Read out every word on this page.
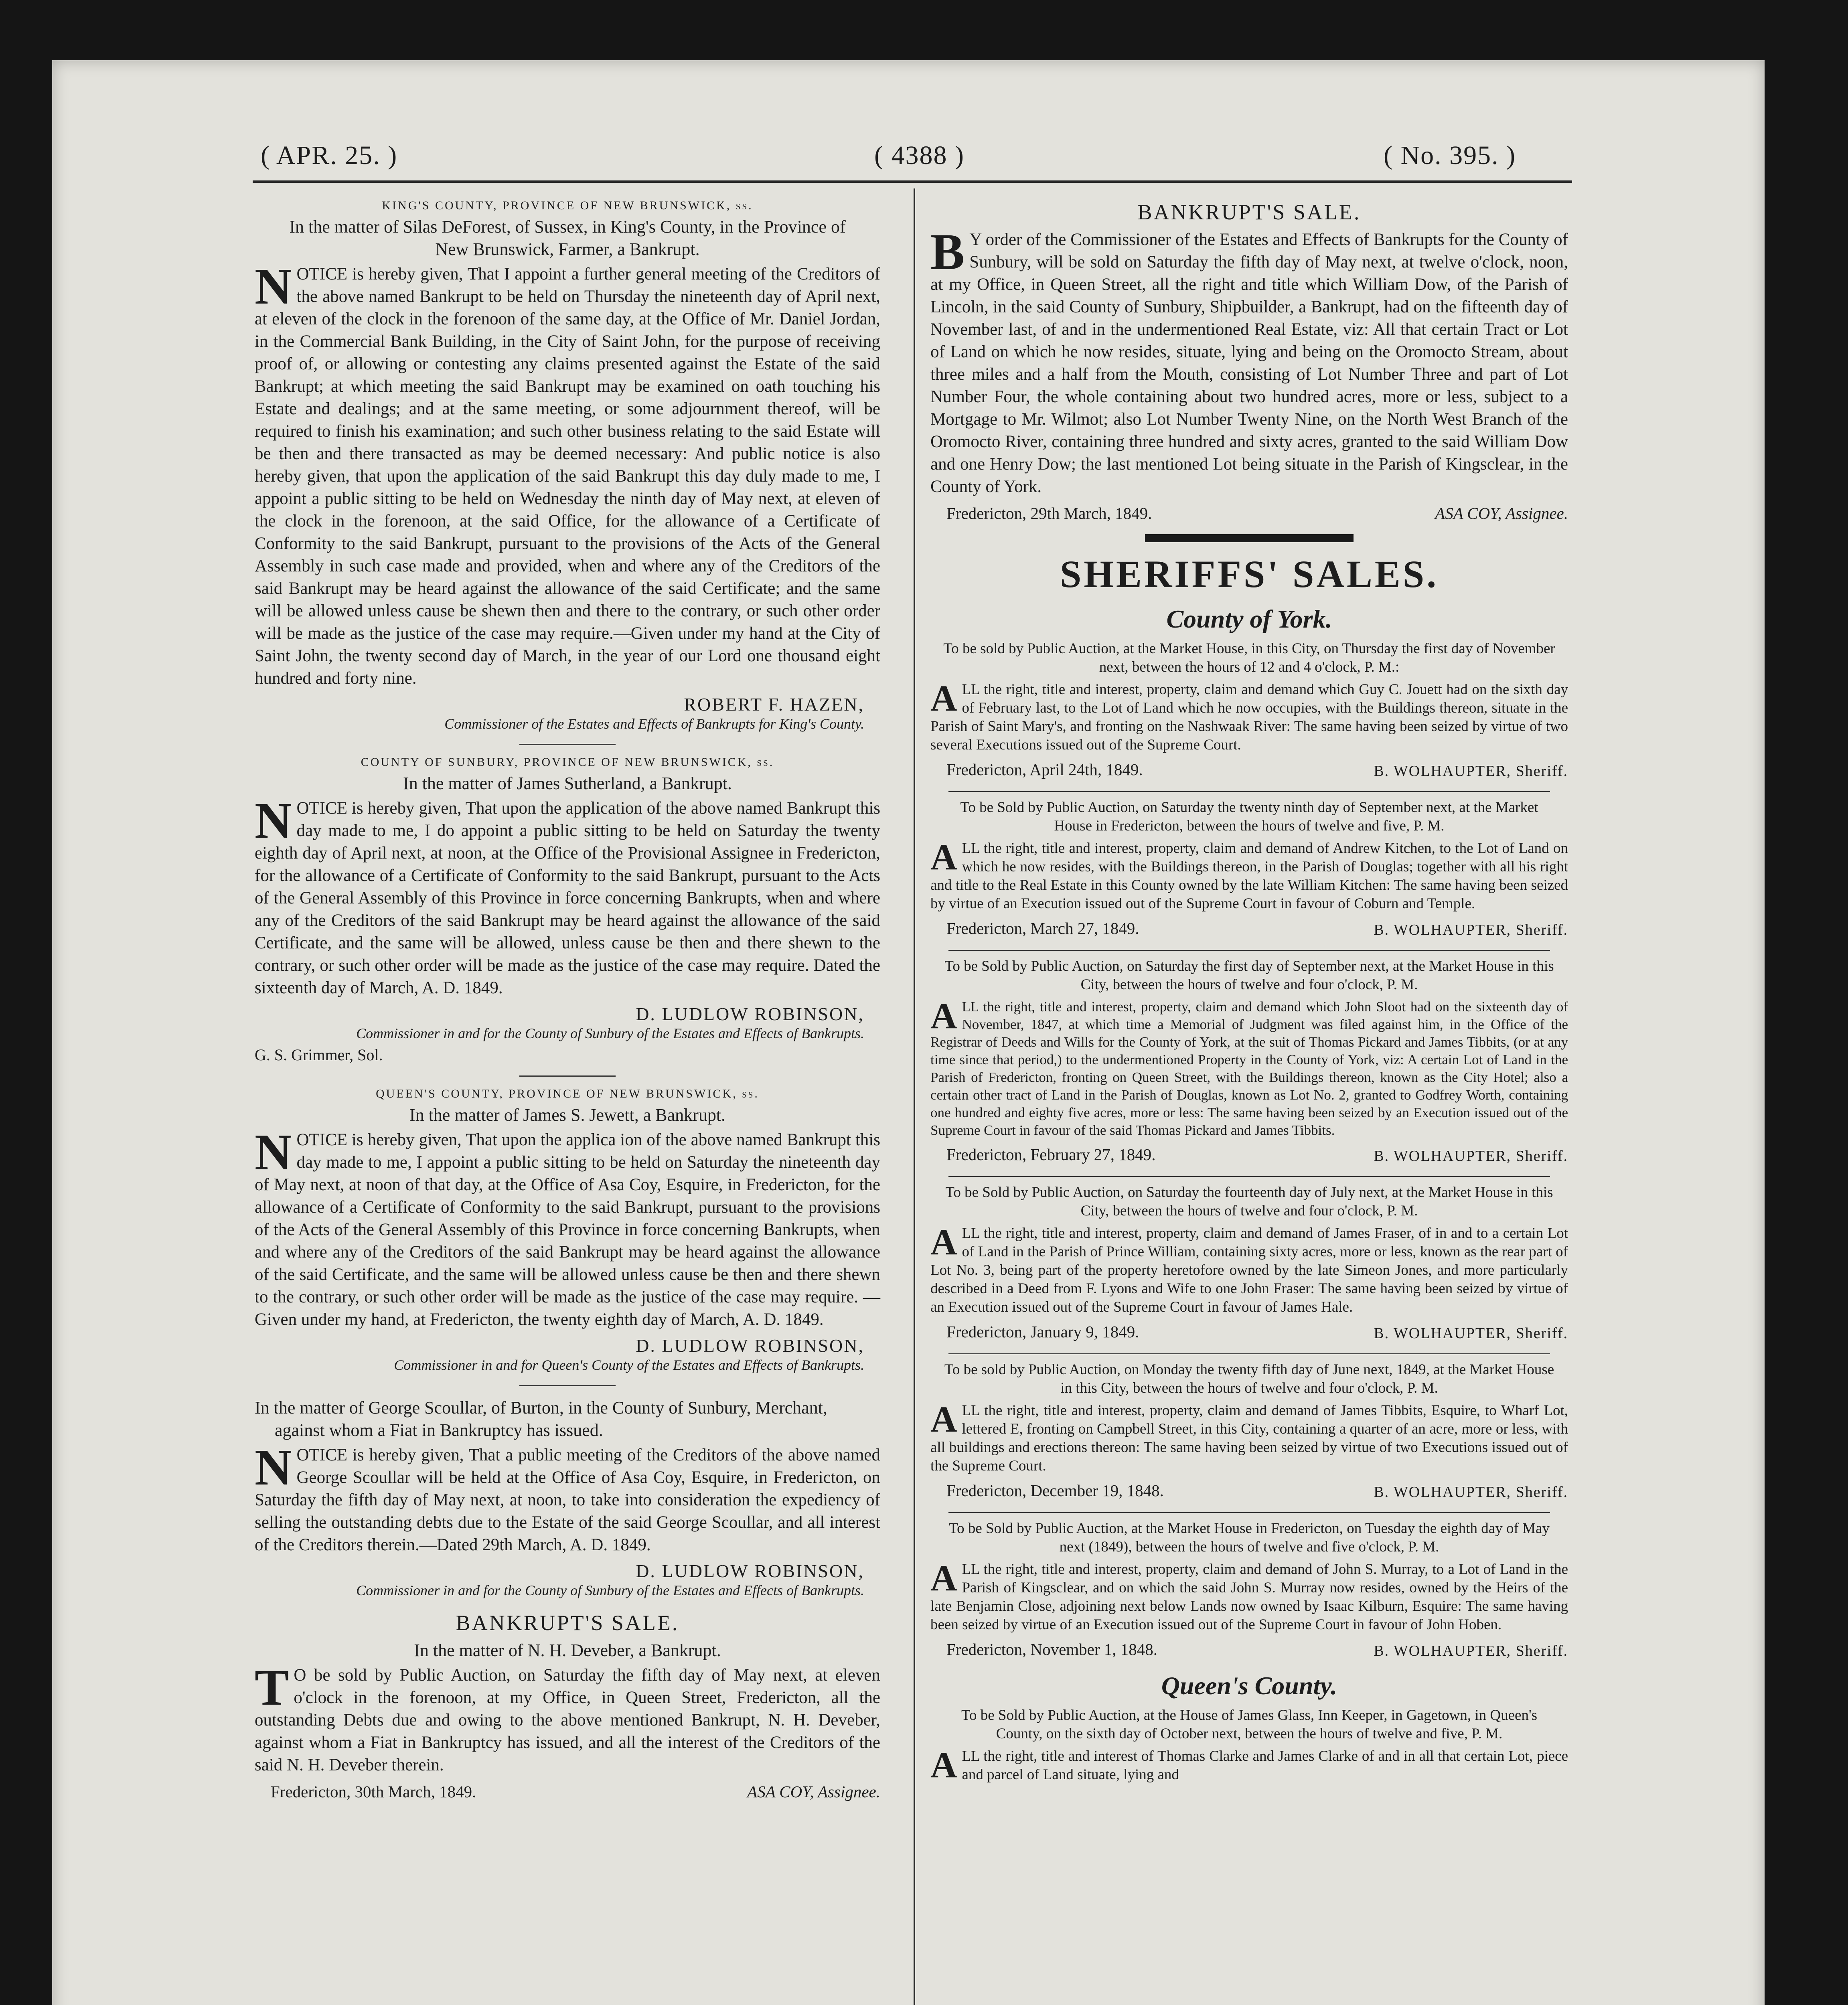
( APR. 25. )	( 4388 )	( No. 395. )
KING'S COUNTY, PROVINCE OF NEW BRUNSWICK, ss.
In the matter of Silas DeForest, of Sussex, in King's County, in the Province of New Brunswick, Farmer, a Bankrupt.
N OTICE is hereby given, That I appoint a further general meeting of the Creditors of the above named Bankrupt to be held on Thursday the nineteenth day of April next, at eleven of the clock in the forenoon of the same day, at the Office of Mr. Daniel Jordan, in the Commercial Bank Building, in the City of Saint John, for the purpose of receiving proof of, or allowing or contesting any claims presented against the Estate of the said Bankrupt; at which meeting the said Bankrupt may be examined on oath touching his Estate and dealings; and at the same meeting, or some adjournment thereof, will be required to finish his examination; and such other business relating to the said Estate will be then and there transacted as may be deemed necessary: And public notice is also hereby given, that upon the application of the said Bankrupt this day duly made to me, I appoint a public sitting to be held on Wednesday the ninth day of May next, at eleven of the clock in the forenoon, at the said Office, for the allowance of a Certificate of Conformity to the said Bankrupt, pursuant to the provisions of the Acts of the General Assembly in such case made and provided, when and where any of the Creditors of the said Bankrupt may be heard against the allowance of the said Certificate; and the same will be allowed unless cause be shewn then and there to the contrary, or such other order will be made as the justice of the case may require.—Given under my hand at the City of Saint John, the twenty second day of March, in the year of our Lord one thousand eight hundred and forty nine.
ROBERT F. HAZEN,
Commissioner of the Estates and Effects of Bankrupts for King's County.
COUNTY OF SUNBURY, PROVINCE OF NEW BRUNSWICK, ss.
In the matter of James Sutherland, a Bankrupt.
N OTICE is hereby given, That upon the application of the above named Bankrupt this day made to me, I do appoint a public sitting to be held on Saturday the twenty eighth day of April next, at noon, at the Office of the Provisional Assignee in Fredericton, for the allowance of a Certificate of Conformity to the said Bankrupt, pursuant to the Acts of the General Assembly of this Province in force concerning Bankrupts, when and where any of the Creditors of the said Bankrupt may be heard against the allowance of the said Certificate, and the same will be allowed, unless cause be then and there shewn to the contrary, or such other order will be made as the justice of the case may require. Dated the sixteenth day of March, A. D. 1849.
D. LUDLOW ROBINSON,
Commissioner in and for the County of Sunbury of the Estates and Effects of Bankrupts.
G. S. Grimmer, Sol.
QUEEN'S COUNTY, PROVINCE OF NEW BRUNSWICK, ss.
In the matter of James S. Jewett, a Bankrupt.
N OTICE is hereby given, That upon the applica ion of the above named Bankrupt this day made to me, I appoint a public sitting to be held on Saturday the nineteenth day of May next, at noon of that day, at the Office of Asa Coy, Esquire, in Fredericton, for the allowance of a Certificate of Conformity to the said Bankrupt, pursuant to the provisions of the Acts of the General Assembly of this Province in force concerning Bankrupts, when and where any of the Creditors of the said Bankrupt may be heard against the allowance of the said Certificate, and the same will be allowed unless cause be then and there shewn to the contrary, or such other order will be made as the justice of the case may require. —Given under my hand, at Fredericton, the twenty eighth day of March, A. D. 1849.
D. LUDLOW ROBINSON,
Commissioner in and for Queen's County of the Estates and Effects of Bankrupts.
In the matter of George Scoullar, of Burton, in the County of Sunbury, Merchant, against whom a Fiat in Bankruptcy has issued.
N OTICE is hereby given, That a public meeting of the Creditors of the above named George Scoullar will be held at the Office of Asa Coy, Esquire, in Fredericton, on Saturday the fifth day of May next, at noon, to take into consideration the expediency of selling the outstanding debts due to the Estate of the said George Scoullar, and all interest of the Creditors therein.—Dated 29th March, A. D. 1849.
D. LUDLOW ROBINSON,
Commissioner in and for the County of Sunbury of the Estates and Effects of Bankrupts.
BANKRUPT'S SALE.
In the matter of N. H. Deveber, a Bankrupt.
T O be sold by Public Auction, on Saturday the fifth day of May next, at eleven o'clock in the forenoon, at my Office, in Queen Street, Fredericton, all the outstanding Debts due and owing to the above mentioned Bankrupt, N. H. Deveber, against whom a Fiat in Bankruptcy has issued, and all the interest of the Creditors of the said N. H. Deveber therein.
Fredericton, 30th March, 1849.	ASA COY, Assignee.
BANKRUPT'S SALE.
B Y order of the Commissioner of the Estates and Effects of Bankrupts for the County of Sunbury, will be sold on Saturday the fifth day of May next, at twelve o'clock, noon, at my Office, in Queen Street, all the right and title which William Dow, of the Parish of Lincoln, in the said County of Sunbury, Shipbuilder, a Bankrupt, had on the fifteenth day of November last, of and in the undermentioned Real Estate, viz: All that certain Tract or Lot of Land on which he now resides, situate, lying and being on the Oromocto Stream, about three miles and a half from the Mouth, consisting of Lot Number Three and part of Lot Number Four, the whole containing about two hundred acres, more or less, subject to a Mortgage to Mr. Wilmot; also Lot Number Twenty Nine, on the North West Branch of the Oromocto River, containing three hundred and sixty acres, granted to the said William Dow and one Henry Dow; the last mentioned Lot being situate in the Parish of Kingsclear, in the County of York.
Fredericton, 29th March, 1849.	ASA COY, Assignee.
SHERIFFS' SALES.
County of York.
To be sold by Public Auction, at the Market House, in this City, on Thursday the first day of November next, between the hours of 12 and 4 o'clock, P. M.:
A LL the right, title and interest, property, claim and demand which Guy C. Jouett had on the sixth day of February last, to the Lot of Land which he now occupies, with the Buildings thereon, situate in the Parish of Saint Mary's, and fronting on the Nashwaak River: The same having been seized by virtue of two several Executions issued out of the Supreme Court.
Fredericton, April 24th, 1849.	B. WOLHAUPTER, Sheriff.
To be Sold by Public Auction, on Saturday the twenty ninth day of September next, at the Market House in Fredericton, between the hours of twelve and five, P. M.
A LL the right, title and interest, property, claim and demand of Andrew Kitchen, to the Lot of Land on which he now resides, with the Buildings thereon, in the Parish of Douglas; together with all his right and title to the Real Estate in this County owned by the late William Kitchen: The same having been seized by virtue of an Execution issued out of the Supreme Court in favour of Coburn and Temple.
Fredericton, March 27, 1849.	B. WOLHAUPTER, Sheriff.
To be Sold by Public Auction, on Saturday the first day of September next, at the Market House in this City, between the hours of twelve and four o'clock, P. M.
A LL the right, title and interest, property, claim and demand which John Sloot had on the sixteenth day of November, 1847, at which time a Memorial of Judgment was filed against him, in the Office of the Registrar of Deeds and Wills for the County of York, at the suit of Thomas Pickard and James Tibbits, (or at any time since that period,) to the undermentioned Property in the County of York, viz: A certain Lot of Land in the Parish of Fredericton, fronting on Queen Street, with the Buildings thereon, known as the City Hotel; also a certain other tract of Land in the Parish of Douglas, known as Lot No. 2, granted to Godfrey Worth, containing one hundred and eighty five acres, more or less: The same having been seized by an Execution issued out of the Supreme Court in favour of the said Thomas Pickard and James Tibbits.
Fredericton, February 27, 1849.	B. WOLHAUPTER, Sheriff.
To be Sold by Public Auction, on Saturday the fourteenth day of July next, at the Market House in this City, between the hours of twelve and four o'clock, P. M.
A LL the right, title and interest, property, claim and demand of James Fraser, of in and to a certain Lot of Land in the Parish of Prince William, containing sixty acres, more or less, known as the rear part of Lot No. 3, being part of the property heretofore owned by the late Simeon Jones, and more particularly described in a Deed from F. Lyons and Wife to one John Fraser: The same having been seized by virtue of an Execution issued out of the Supreme Court in favour of James Hale.
Fredericton, January 9, 1849.	B. WOLHAUPTER, Sheriff.
To be sold by Public Auction, on Monday the twenty fifth day of June next, 1849, at the Market House in this City, between the hours of twelve and four o'clock, P. M.
A LL the right, title and interest, property, claim and demand of James Tibbits, Esquire, to Wharf Lot, lettered E, fronting on Campbell Street, in this City, containing a quarter of an acre, more or less, with all buildings and erections thereon: The same having been seized by virtue of two Executions issued out of the Supreme Court.
Fredericton, December 19, 1848.	B. WOLHAUPTER, Sheriff.
To be Sold by Public Auction, at the Market House in Fredericton, on Tuesday the eighth day of May next (1849), between the hours of twelve and five o'clock, P. M.
A LL the right, title and interest, property, claim and demand of John S. Murray, to a Lot of Land in the Parish of Kingsclear, and on which the said John S. Murray now resides, owned by the Heirs of the late Benjamin Close, adjoining next below Lands now owned by Isaac Kilburn, Esquire: The same having been seized by virtue of an Execution issued out of the Supreme Court in favour of John Hoben.
Fredericton, November 1, 1848.	B. WOLHAUPTER, Sheriff.
Queen's County.
To be Sold by Public Auction, at the House of James Glass, Inn Keeper, in Gagetown, in Queen's County, on the sixth day of October next, between the hours of twelve and five, P. M.
A LL the right, title and interest of Thomas Clarke and James Clarke of and in all that certain Lot, piece and parcel of Land situate, lying and
